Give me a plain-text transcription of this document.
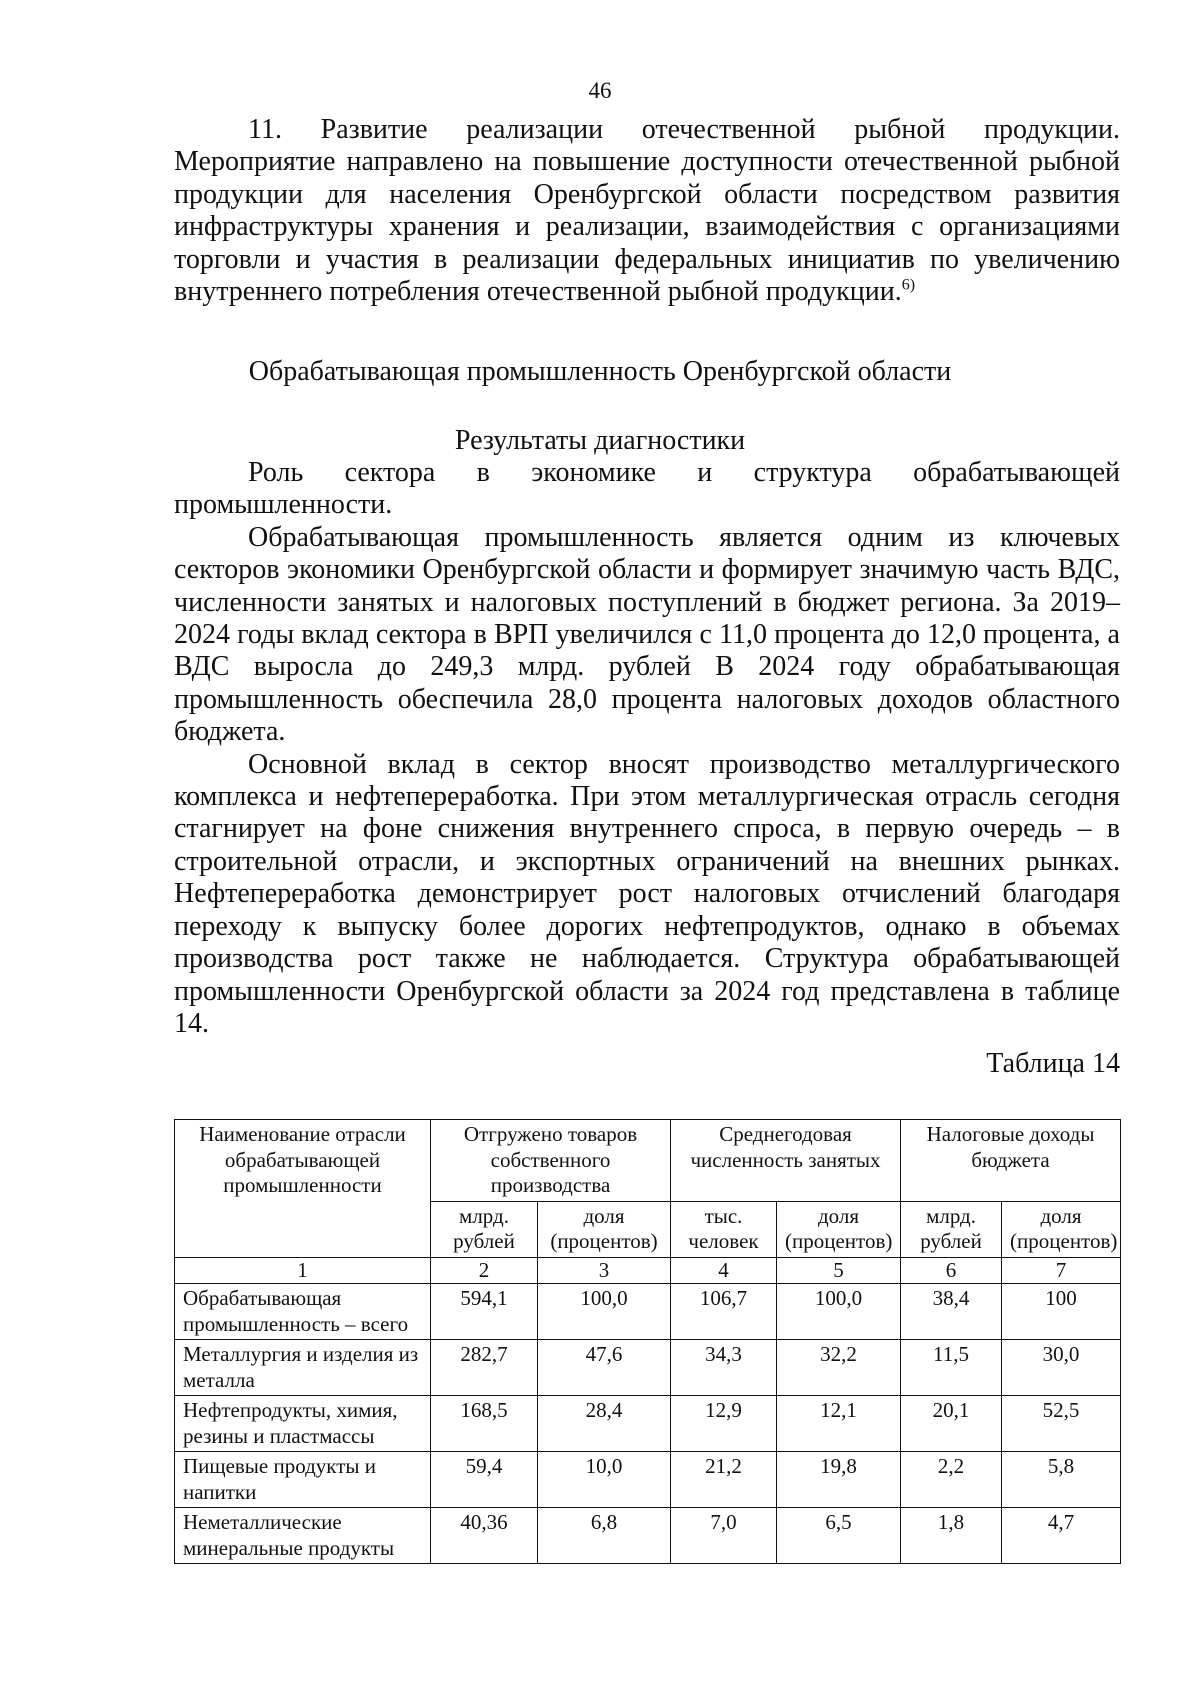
46

11. Развитие реализации отечественной рыбной продукции. Мероприятие направлено на повышение доступности отечественной рыбной продукции для населения Оренбургской области посредством развития инфраструктуры хранения и реализации, взаимодействия с организациями торговли и участия в реализации федеральных инициатив по увеличению внутреннего потребления отечественной рыбной продукции.$^{6)}$

Обрабатывающая промышленность Оренбургской области
Результаты диагностики

Роль сектора в экономике и структура обрабатывающей промышленности.

Обрабатывающая промышленность является одним из ключевых секторов экономики Оренбургской области и формирует значимую часть ВДС, численности занятых и налоговых поступлений в бюджет региона. За 2019–2024 годы вклад сектора в ВРП увеличился с 11,0 процента до 12,0 процента, а ВДС выросла до 249,3 млрд. рублей В 2024 году обрабатывающая промышленность обеспечила 28,0 процента налоговых доходов областного бюджета.

Основной вклад в сектор вносят производство металлургического комплекса и нефтепереработка. При этом металлургическая отрасль сегодня стагнирует на фоне снижения внутреннего спроса, в первую очередь – в строительной отрасли, и экспортных ограничений на внешних рынках. Нефтепереработка демонстрирует рост налоговых отчислений благодаря переходу к выпуску более дорогих нефтепродуктов, однако в объемах производства рост также не наблюдается. Структура обрабатывающей промышленности Оренбургской области за 2024 год представлена в таблице 14.

Таблица 14
Наименование отрасли обрабатывающей промышленности	Отгружено товаров собственного производства		Среднегодовая численность занятых		Налоговые доходы бюджета	
	млрд. рублей	доля (процентов)	тыс. человек	доля (процентов)	млрд. рублей	доля (процентов)
1	2	3	4	5	6	7
Обрабатывающая промышленность – всего	594,1	100,0	106,7	100,0	38,4	100
Металлургия и изделия из металла	282,7	47,6	34,3	32,2	11,5	30,0
Нефтепродукты, химия, резины и пластмассы	168,5	28,4	12,9	12,1	20,1	52,5
Пищевые продукты и напитки	59,4	10,0	21,2	19,8	2,2	5,8
Неметаллические минеральные продукты	40,36	6,8	7,0	6,5	1,8	4,7
